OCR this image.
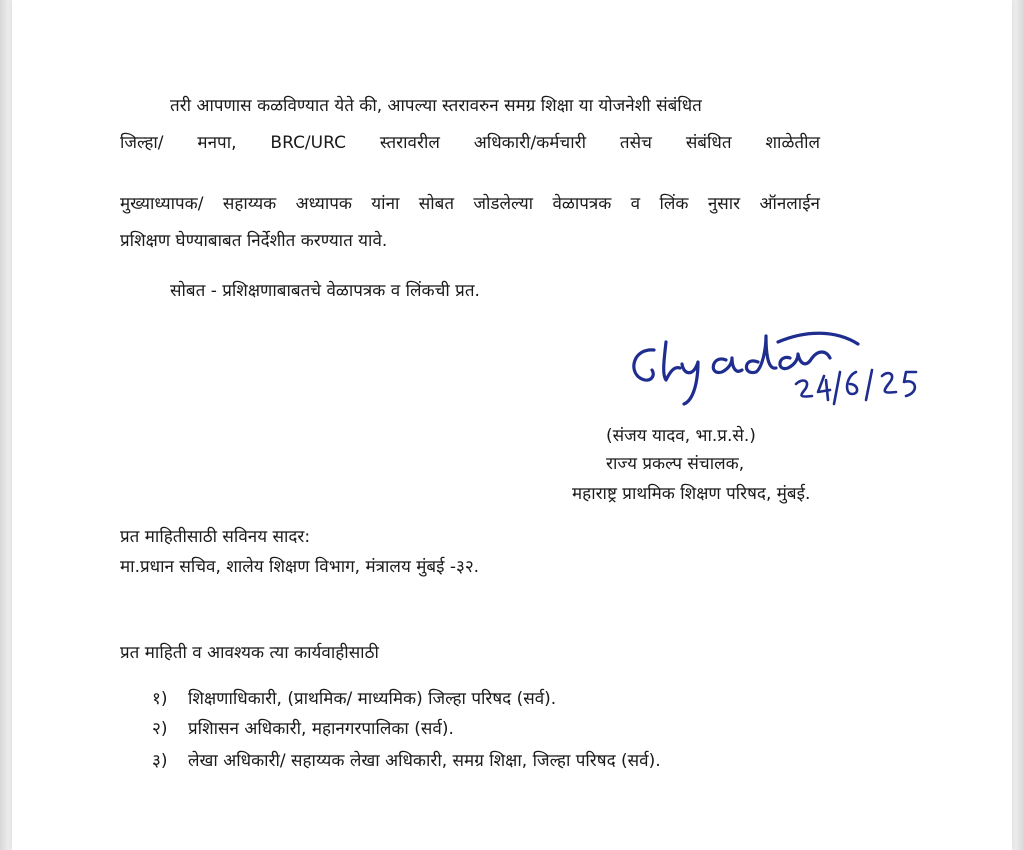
तरी आपणास कळविण्यात येते की, आपल्या स्तरावरुन समग्र शिक्षा या योजनेशी संबंधित
जिल्हा/ मनपा, BRC/URC स्तरावरील अधिकारी/कर्मचारी तसेच संबंधित शाळेतील
मुख्याध्यापक/ सहाय्यक अध्यापक यांना सोबत जोडलेल्या वेळापत्रक व लिंक नुसार ऑनलाईन
प्रशिक्षण घेण्याबाबत निर्देशीत करण्यात यावे.
सोबत - प्रशिक्षणाबाबतचे वेळापत्रक व लिंकची प्रत.
(संजय यादव, भा.प्र.से.)
राज्य प्रकल्प संचालक,
महाराष्ट्र प्राथमिक शिक्षण परिषद, मुंबई.
प्रत माहितीसाठी सविनय सादर:
मा.प्रधान सचिव, शालेय शिक्षण विभाग, मंत्रालय मुंबई -३२.
प्रत माहिती व आवश्यक त्या कार्यवाहीसाठी
१) शिक्षणाधिकारी, (प्राथमिक/ माध्यमिक) जिल्हा परिषद (सर्व).
२) प्रशिासन अधिकारी, महानगरपालिका (सर्व).
३) लेखा अधिकारी/ सहाय्यक लेखा अधिकारी, समग्र शिक्षा, जिल्हा परिषद (सर्व).
